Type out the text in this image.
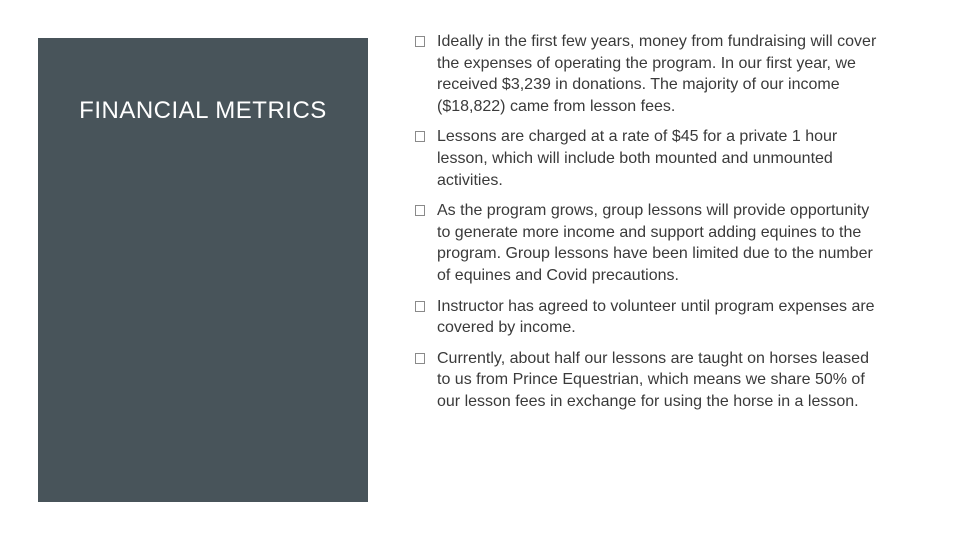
FINANCIAL METRICS
Ideally in the first few years, money from fundraising will cover the expenses of operating the program. In our first year, we received $3,239 in donations. The majority of our income ($18,822) came from lesson fees.
Lessons are charged at a rate of $45 for a private 1 hour lesson, which will include both mounted and unmounted activities.
As the program grows, group lessons will provide opportunity to generate more income and support adding equines to the program. Group lessons have been limited due to the number of equines and Covid precautions.
Instructor has agreed to volunteer until program expenses are covered by income.
Currently, about half our lessons are taught on horses leased to us from Prince Equestrian, which means we share 50% of our lesson fees in exchange for using the horse in a lesson.
